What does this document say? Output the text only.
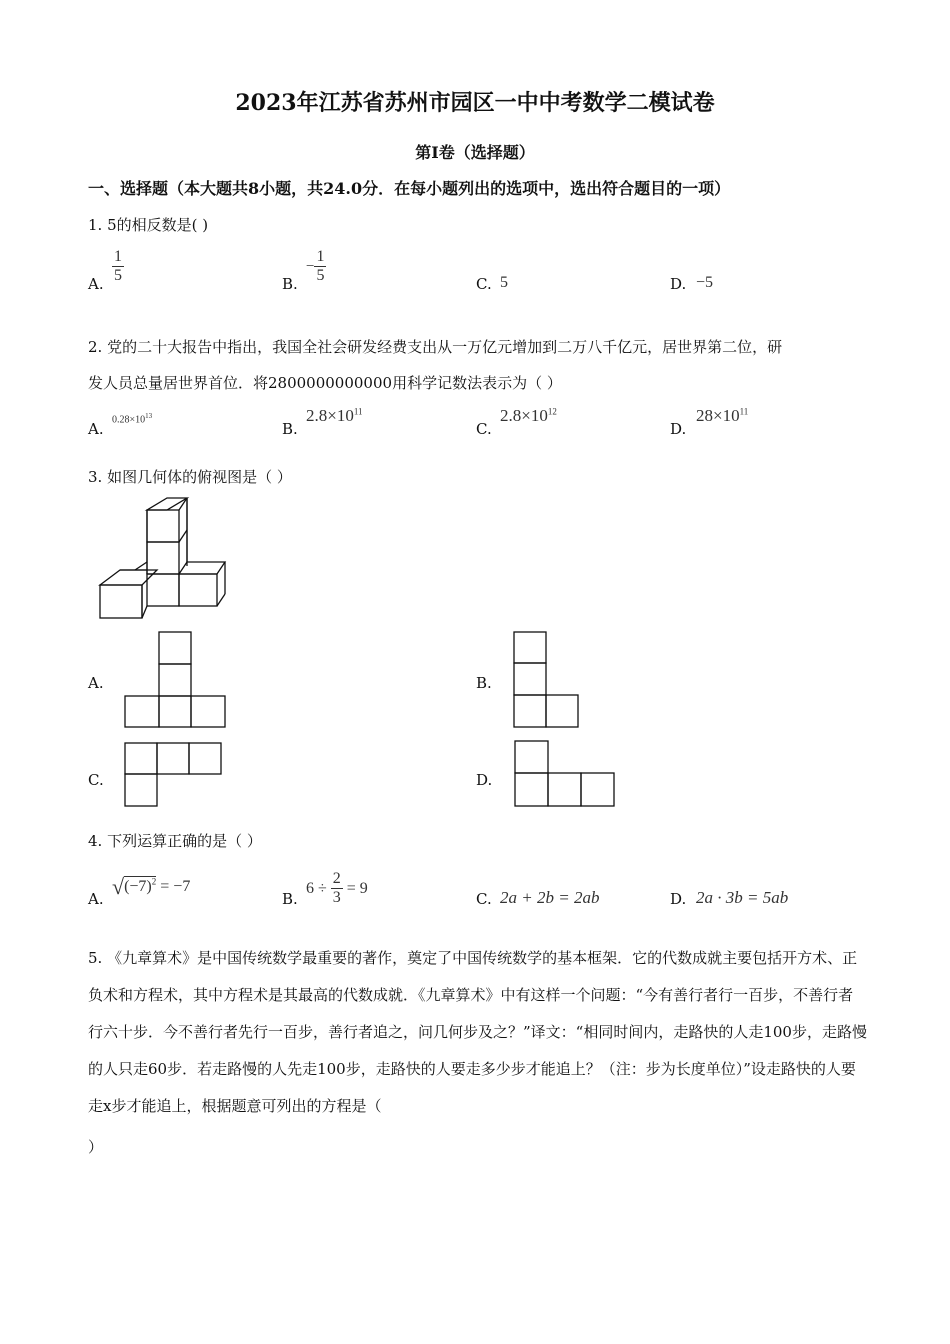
2023年江苏省苏州市园区一中中考数学二模试卷
第I卷（选择题）
一、选择题（本大题共8小题，共24.0分．在每小题列出的选项中，选出符合题目的一项）
1. 5的相反数是( )
A. $\frac{1}{5}$	B.
− $\frac{1}{5}$	C. 5	D. −5
2. 党的二十大报告中指出，我国全社会研发经费支出从一万亿元增加到二万八千亿元，居世界第二位，研
发人员总量居世界首位．将2800000000000用科学记数法表示为（ ）
A.
$0.28\times 10^{13}$
B.
$2.8\times 10^{11}$
C.
$2.8\times 10^{12}$
D.
$28\times 10^{11}$
3. 如图几何体的俯视图是（ ）
A.	B.
C.	D.
4. 下列运算正确的是（ ）
A. $√(-7)^2 = -7$
B.
$6 \div \frac{2}{3} = 9$
C. 2a + 2b = 2ab	D. 2a · 3b = 5ab
5. 《九章算术》是中国传统数学最重要的著作，奠定了中国传统数学的基本框架．它的代数成就主要包括开方术、正负术和方程术，其中方程术是其最高的代数成就．《九章算术》中有这样一个问题：“今有善行者行一百步，不善行者行六十步．今不善行者先行一百步，善行者追之，问几何步及之？”译文：“相同时间内，走路快的人走100步，走路慢的人只走60步．若走路慢的人先走100步，走路快的人要走多少步才能追上？（注：步为长度单位）”设走路快的人要走x步才能追上，根据题意可列出的方程是（
）
